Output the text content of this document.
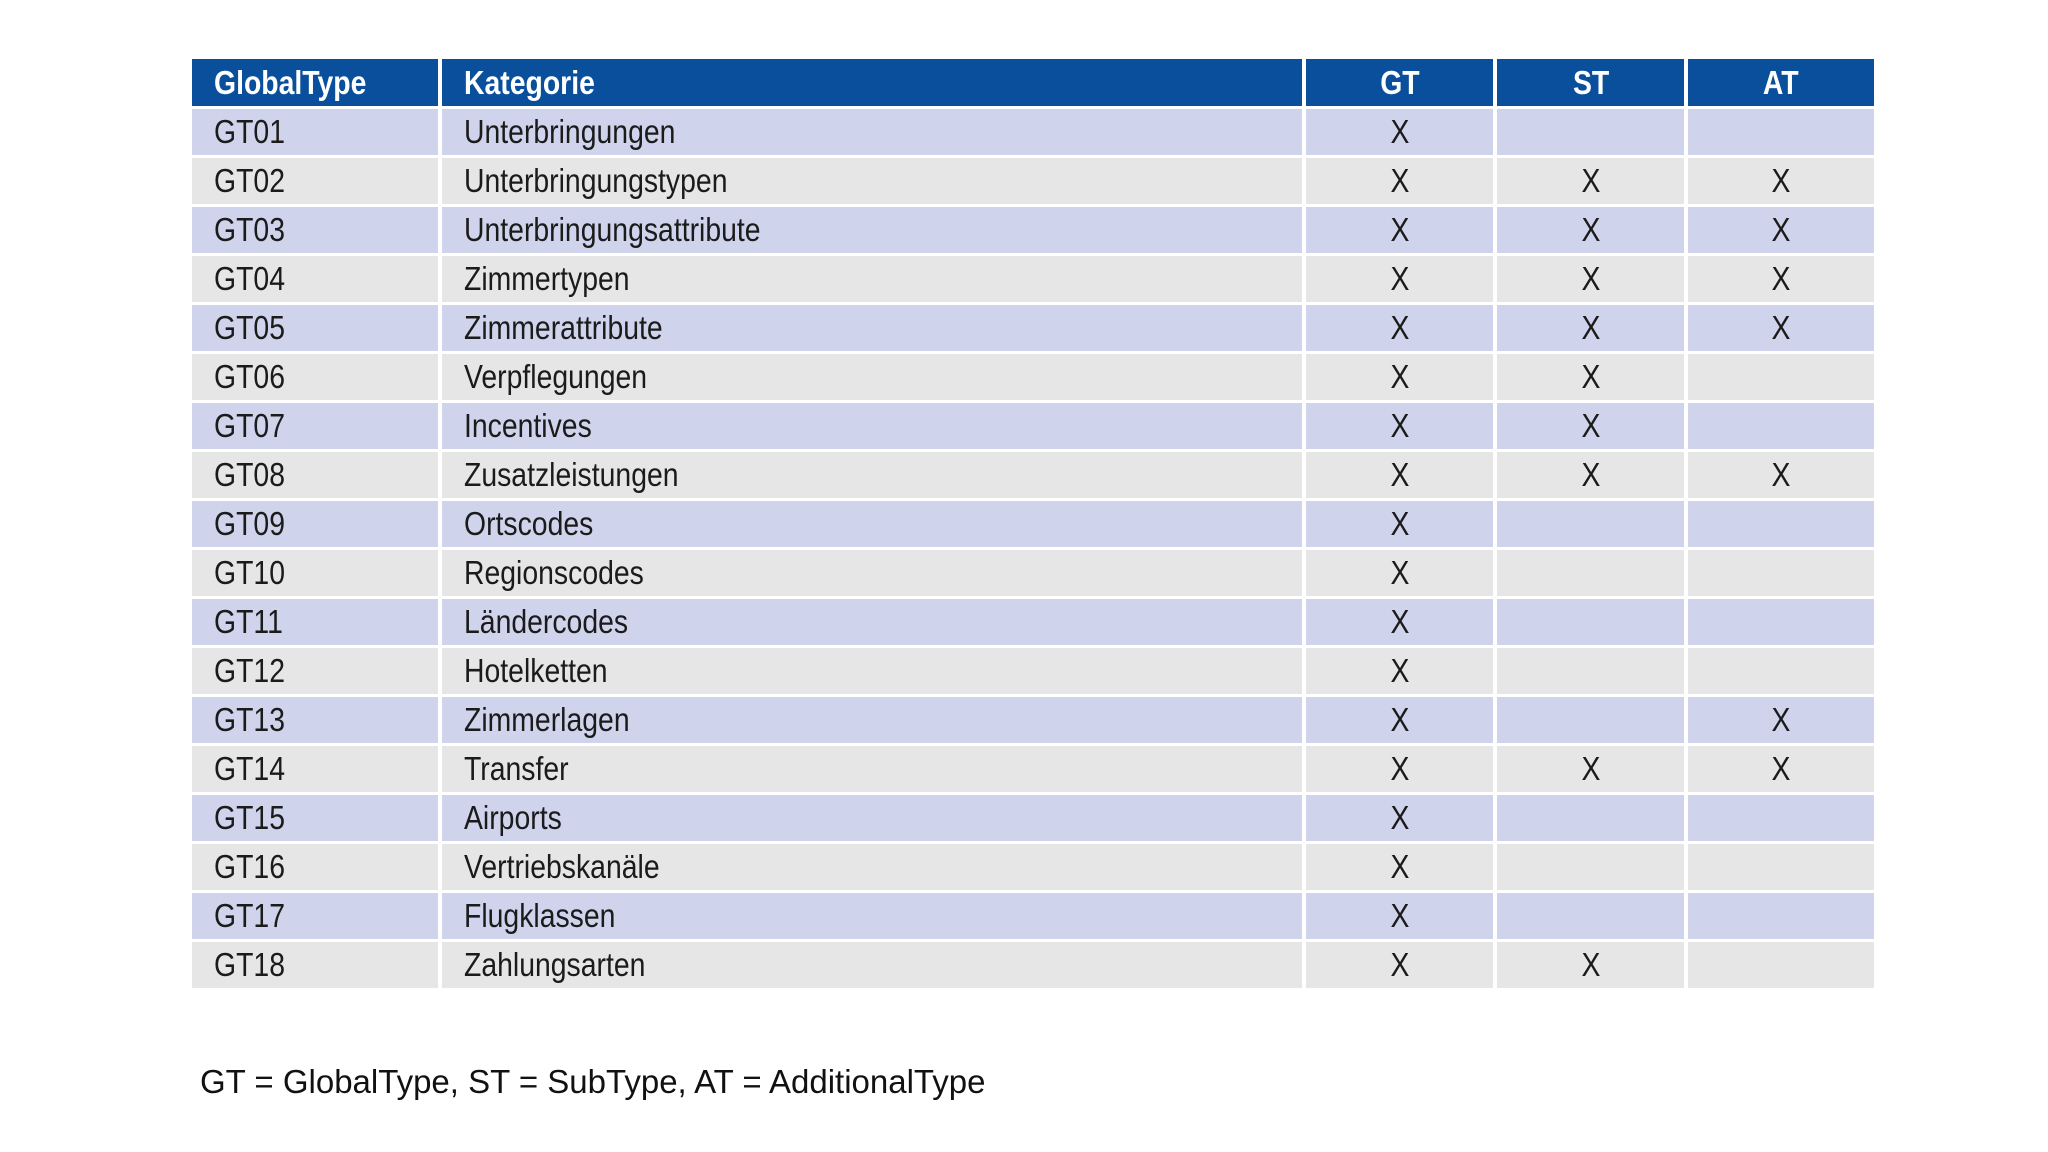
GlobalType	Kategorie	GT	ST	AT
GT01	Unterbringungen	X		
GT02	Unterbringungstypen	X	X	X
GT03	Unterbringungsattribute	X	X	X
GT04	Zimmertypen	X	X	X
GT05	Zimmerattribute	X	X	X
GT06	Verpflegungen	X	X	
GT07	Incentives	X	X	
GT08	Zusatzleistungen	X	X	X
GT09	Ortscodes	X		
GT10	Regionscodes	X		
GT11	Ländercodes	X		
GT12	Hotelketten	X		
GT13	Zimmerlagen	X		X
GT14	Transfer	X	X	X
GT15	Airports	X		
GT16	Vertriebskanäle	X		
GT17	Flugklassen	X		
GT18	Zahlungsarten	X	X	
GT = GlobalType, ST = SubType, AT = AdditionalType
